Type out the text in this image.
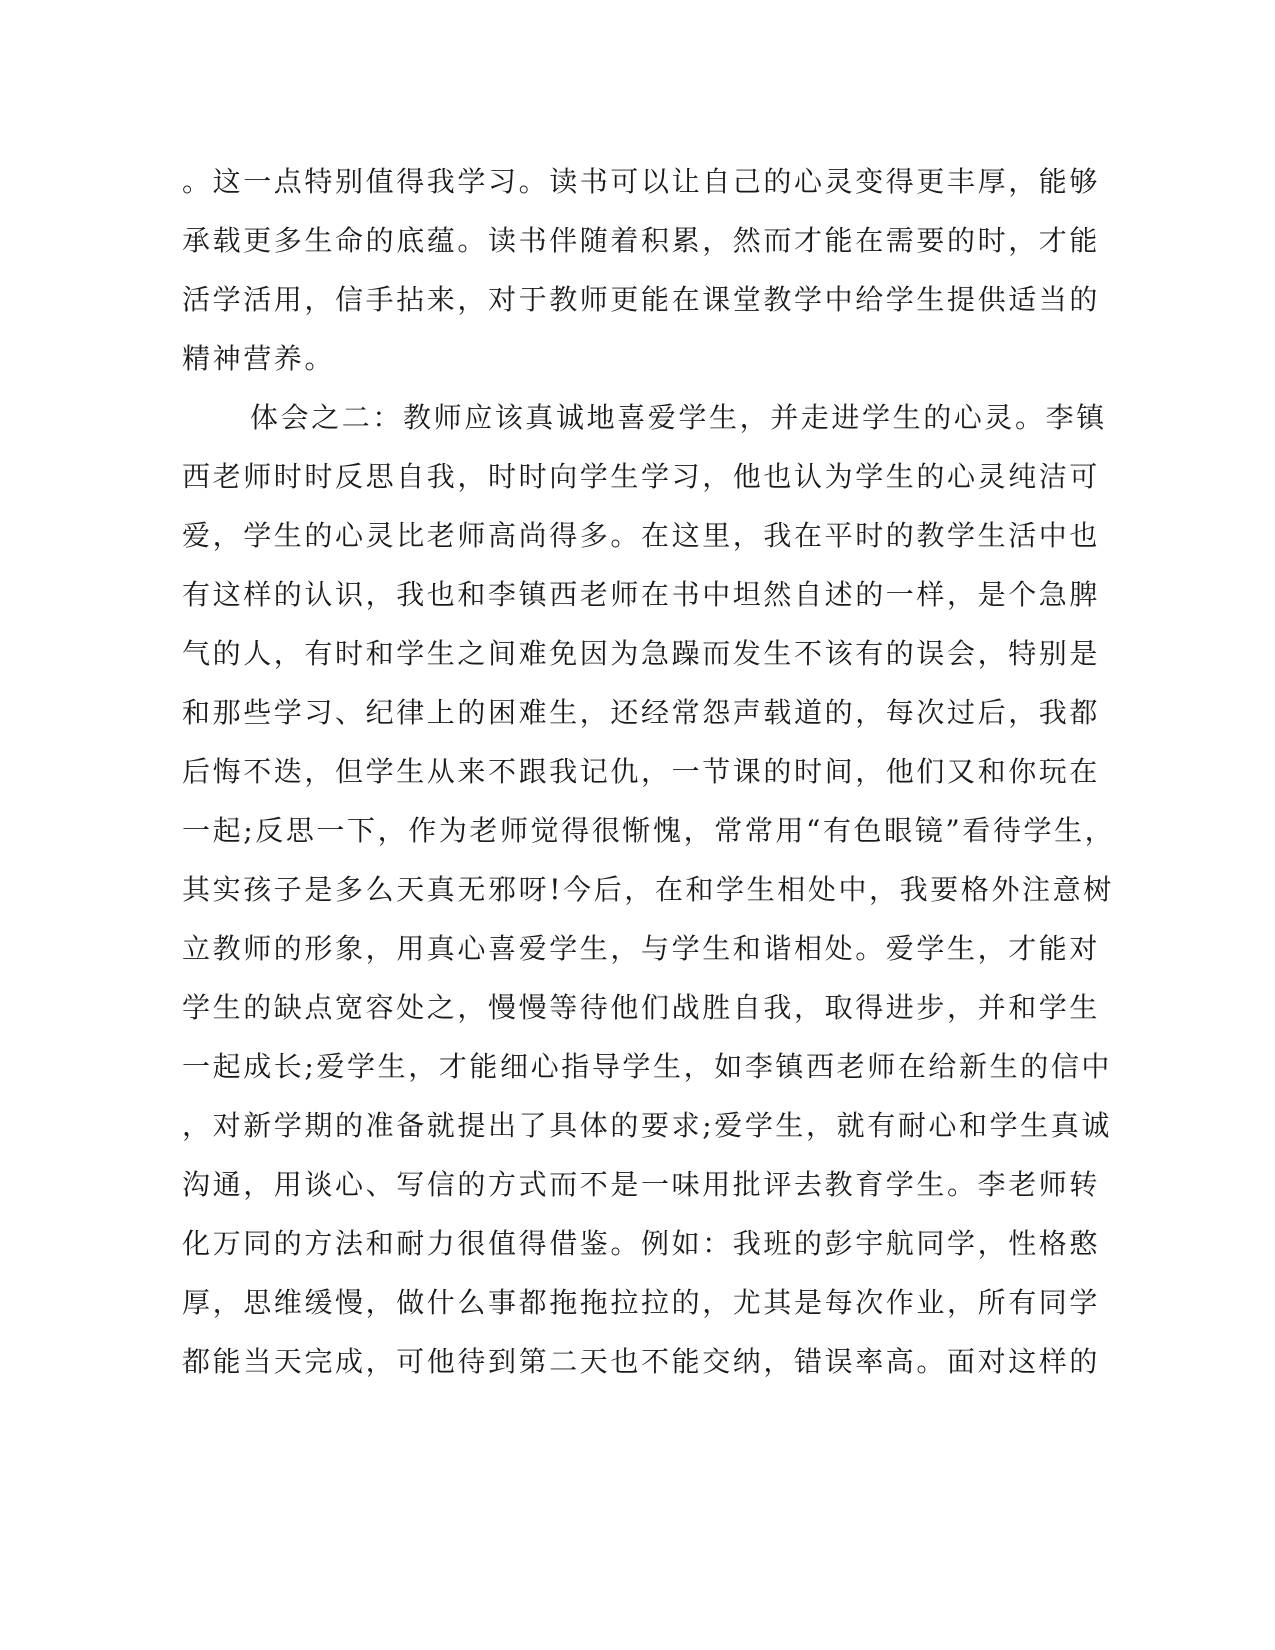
。这一点特别值得我学习。读书可以让自己的心灵变得更丰厚，能够
承载更多生命的底蕴。读书伴随着积累，然而才能在需要的时，才能
活学活用，信手拈来，对于教师更能在课堂教学中给学生提供适当的
精神营养。
体会之二：教师应该真诚地喜爱学生，并走进学生的心灵。李镇
西老师时时反思自我，时时向学生学习，他也认为学生的心灵纯洁可
爱，学生的心灵比老师高尚得多。在这里，我在平时的教学生活中也
有这样的认识，我也和李镇西老师在书中坦然自述的一样，是个急脾
气的人，有时和学生之间难免因为急躁而发生不该有的误会，特别是
和那些学习、纪律上的困难生，还经常怨声载道的，每次过后，我都
后悔不迭，但学生从来不跟我记仇，一节课的时间，他们又和你玩在
一起;反思一下，作为老师觉得很惭愧，常常用“有色眼镜”看待学生，
其实孩子是多么天真无邪呀!今后，在和学生相处中，我要格外注意树
立教师的形象，用真心喜爱学生，与学生和谐相处。爱学生，才能对
学生的缺点宽容处之，慢慢等待他们战胜自我，取得进步，并和学生
一起成长;爱学生，才能细心指导学生，如李镇西老师在给新生的信中
，对新学期的准备就提出了具体的要求;爱学生，就有耐心和学生真诚
沟通，用谈心、写信的方式而不是一味用批评去教育学生。李老师转
化万同的方法和耐力很值得借鉴。例如：我班的彭宇航同学，性格憨
厚，思维缓慢，做什么事都拖拖拉拉的，尤其是每次作业，所有同学
都能当天完成，可他待到第二天也不能交纳，错误率高。面对这样的
